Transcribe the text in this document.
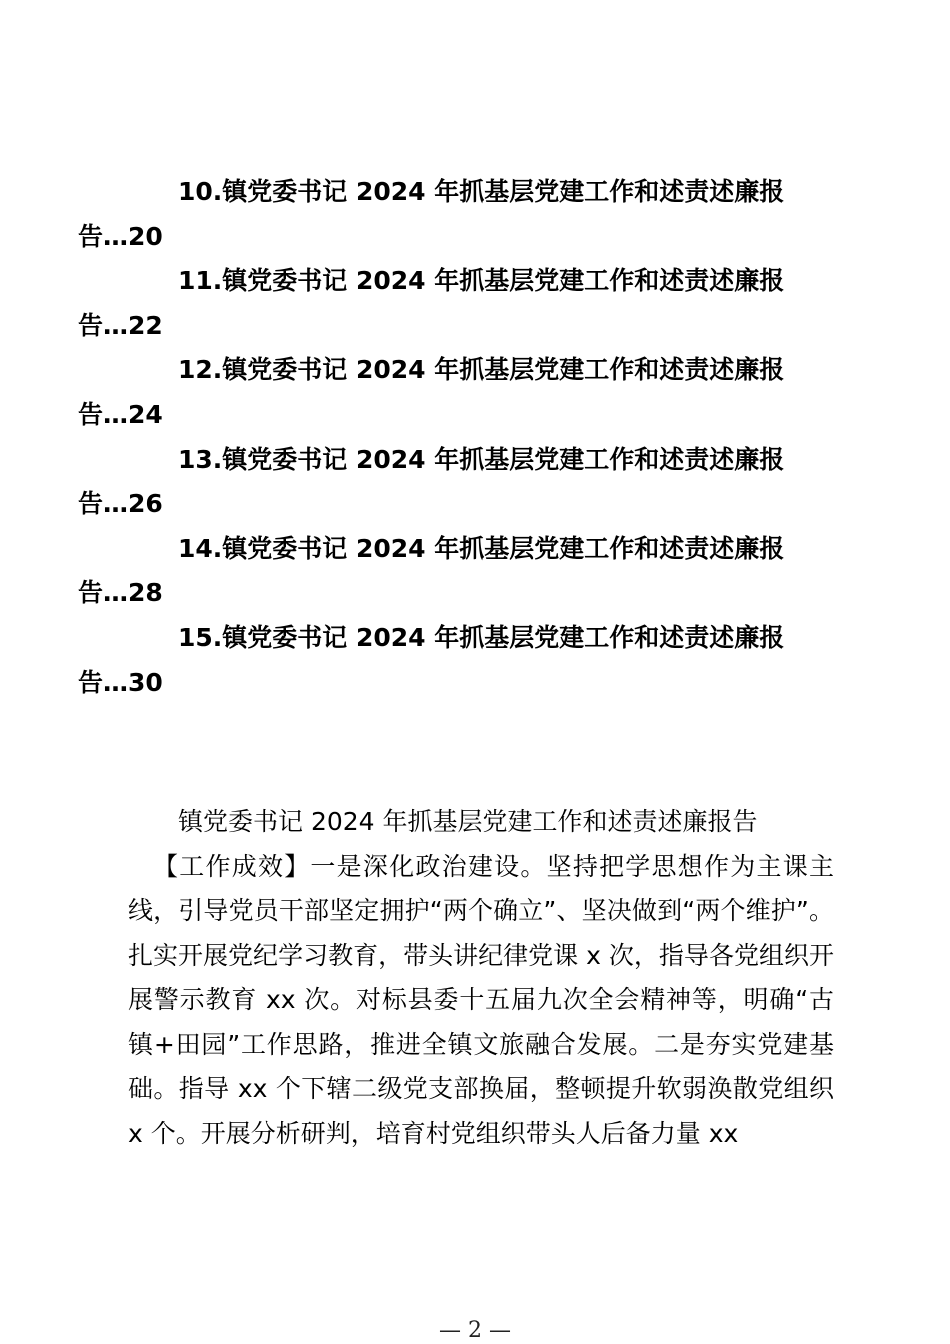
10.镇党委书记 2024 年抓基层党建工作和述责述廉报
告…20

11.镇党委书记 2024 年抓基层党建工作和述责述廉报
告…22

12.镇党委书记 2024 年抓基层党建工作和述责述廉报
告…24

13.镇党委书记 2024 年抓基层党建工作和述责述廉报
告…26

14.镇党委书记 2024 年抓基层党建工作和述责述廉报
告…28

15.镇党委书记 2024 年抓基层党建工作和述责述廉报
告…30

镇党委书记 2024 年抓基层党建工作和述责述廉报告

【工作成效】一是深化政治建设。坚持把学思想作为主课主线，引导党员干部坚定拥护“两个确立”、坚决做到“两个维护”。扎实开展党纪学习教育，带头讲纪律党课 x 次，指导各党组织开展警示教育 xx 次。对标县委十五届九次全会精神等，明确“古镇+田园”工作思路，推进全镇文旅融合发展。二是夯实党建基础。指导 xx 个下辖二级党支部换届，整顿提升软弱涣散党组织 x 个。开展分析研判，培育村党组织带头人后备力量 xx

— 2 —
